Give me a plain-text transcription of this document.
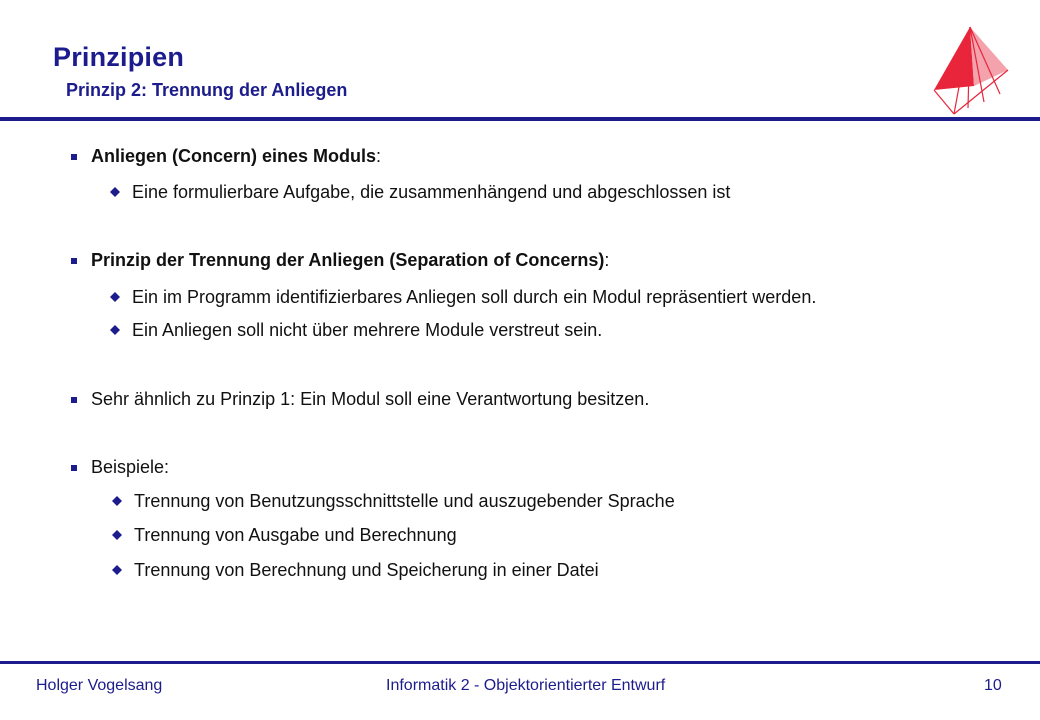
Prinzipien
Prinzip 2: Trennung der Anliegen
Anliegen (Concern) eines Moduls:
Eine formulierbare Aufgabe, die zusammenhängend und abgeschlossen ist
Prinzip der Trennung der Anliegen (Separation of Concerns):
Ein im Programm identifizierbares Anliegen soll durch ein Modul repräsentiert werden.
Ein Anliegen soll nicht über mehrere Module verstreut sein.
Sehr ähnlich zu Prinzip 1: Ein Modul soll eine Verantwortung besitzen.
Beispiele:
Trennung von Benutzungsschnittstelle und auszugebender Sprache
Trennung von Ausgabe und Berechnung
Trennung von Berechnung und Speicherung in einer Datei
Holger Vogelsang	Informatik 2 - Objektorientierter Entwurf	10
